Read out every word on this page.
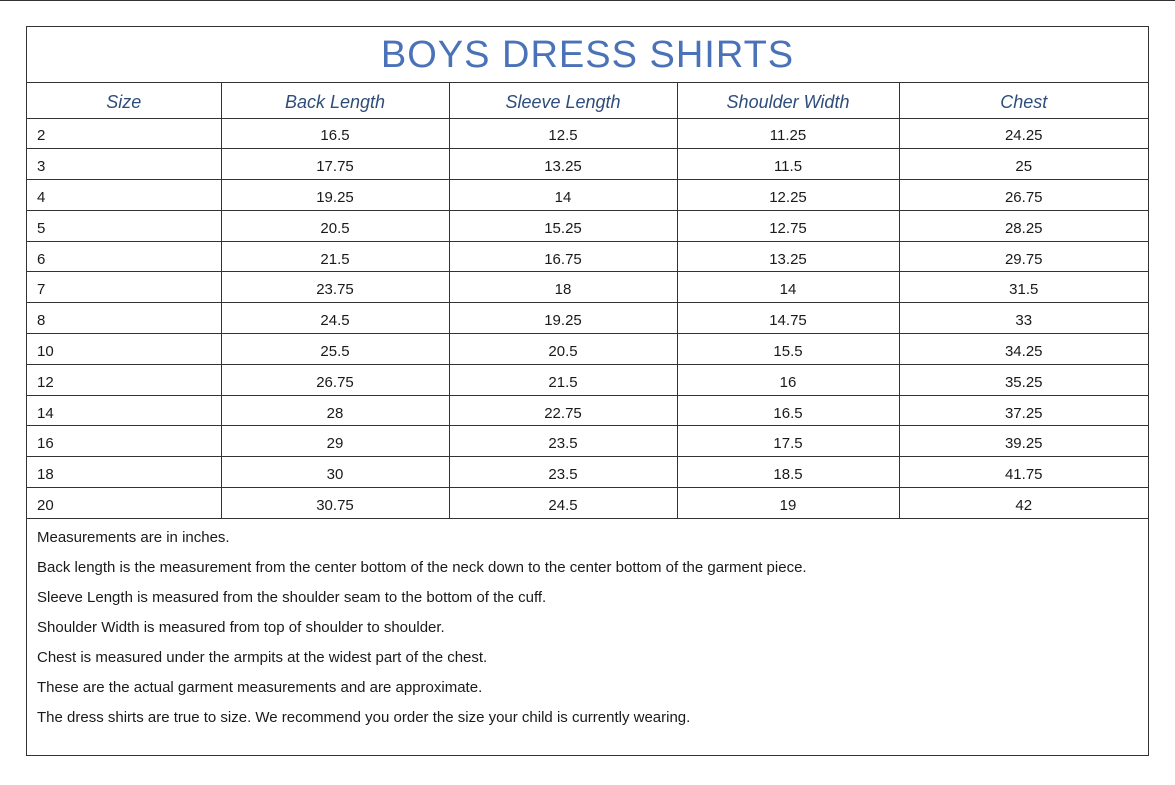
BOYS DRESS SHIRTS
Size	Back Length	Sleeve Length	Shoulder Width	Chest
2	16.5	12.5	11.25	24.25
3	17.75	13.25	11.5	25
4	19.25	14	12.25	26.75
5	20.5	15.25	12.75	28.25
6	21.5	16.75	13.25	29.75
7	23.75	18	14	31.5
8	24.5	19.25	14.75	33
10	25.5	20.5	15.5	34.25
12	26.75	21.5	16	35.25
14	28	22.75	16.5	37.25
16	29	23.5	17.5	39.25
18	30	23.5	18.5	41.75
20	30.75	24.5	19	42
Measurements are in inches.
Back length is the measurement from the center bottom of the neck down to the center bottom of the garment piece.
Sleeve Length is measured from the shoulder seam to the bottom of the cuff.
Shoulder Width is measured from top of shoulder to shoulder.
Chest is measured under the armpits at the widest part of the chest.
These are the actual garment measurements and are approximate.
The dress shirts are true to size. We recommend you order the size your child is currently wearing.
